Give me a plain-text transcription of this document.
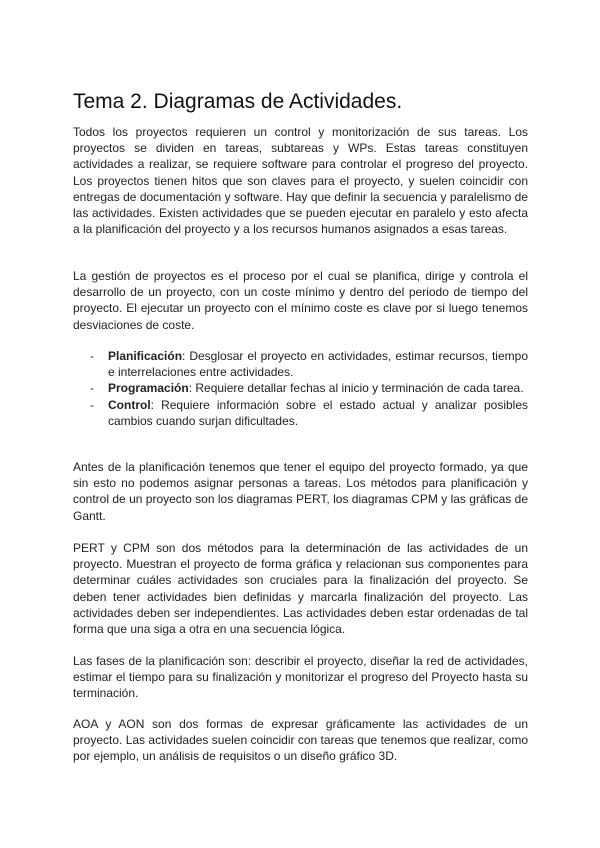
Tema 2. Diagramas de Actividades.

Todos los proyectos requieren un control y monitorización de sus tareas. Los proyectos se dividen en tareas, subtareas y WPs. Estas tareas constituyen actividades a realizar, se requiere software para controlar el progreso del proyecto. Los proyectos tienen hitos que son claves para el proyecto, y suelen coincidir con entregas de documentación y software. Hay que definir la secuencia y paralelismo de las actividades. Existen actividades que se pueden ejecutar en paralelo y esto afecta a la planificación del proyecto y a los recursos humanos asignados a esas tareas.

La gestión de proyectos es el proceso por el cual se planifica, dirige y controla el desarrollo de un proyecto, con un coste mínimo y dentro del periodo de tiempo del proyecto. El ejecutar un proyecto con el mínimo coste es clave por si luego tenemos desviaciones de coste.

- Planificación: Desglosar el proyecto en actividades, estimar recursos, tiempo e interrelaciones entre actividades.
- Programación: Requiere detallar fechas al inicio y terminación de cada tarea.
- Control: Requiere información sobre el estado actual y analizar posibles cambios cuando surjan dificultades.

Antes de la planificación tenemos que tener el equipo del proyecto formado, ya que sin esto no podemos asignar personas a tareas. Los métodos para planificación y control de un proyecto son los diagramas PERT, los diagramas CPM y las gráficas de Gantt.

PERT y CPM son dos métodos para la determinación de las actividades de un proyecto. Muestran el proyecto de forma gráfica y relacionan sus componentes para determinar cuáles actividades son cruciales para la finalización del proyecto. Se deben tener actividades bien definidas y marcarla finalización del proyecto. Las actividades deben ser independientes. Las actividades deben estar ordenadas de tal forma que una siga a otra en una secuencia lógica.

Las fases de la planificación son: describir el proyecto, diseñar la red de actividades, estimar el tiempo para su finalización y monitorizar el progreso del Proyecto hasta su terminación.

AOA y AON son dos formas de expresar gráficamente las actividades de un proyecto. Las actividades suelen coincidir con tareas que tenemos que realizar, como por ejemplo, un análisis de requisitos o un diseño gráfico 3D.
